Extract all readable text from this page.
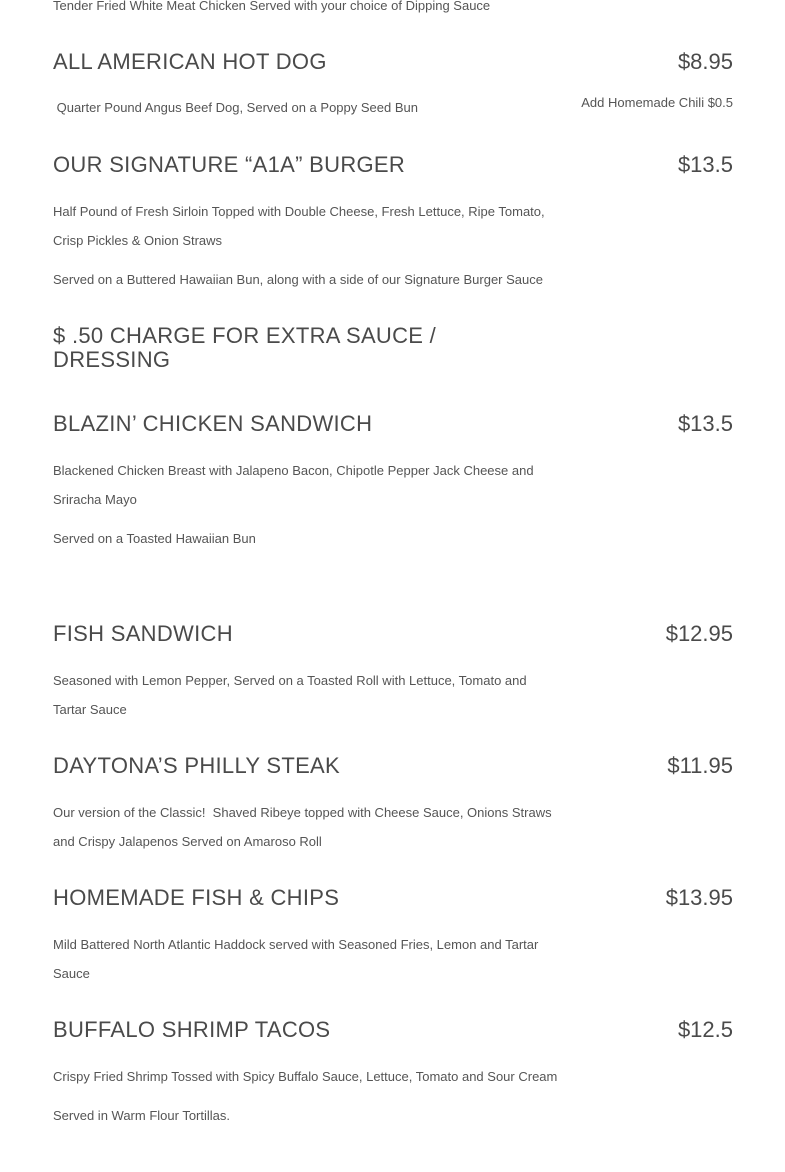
Tender Fried White Meat Chicken Served with your choice of Dipping Sauce
ALL AMERICAN HOT DOG	$8.95
Quarter Pound Angus Beef Dog, Served on a Poppy Seed Bun	Add Homemade Chili $0.5
OUR SIGNATURE “A1A” BURGER	$13.5
Half Pound of Fresh Sirloin Topped with Double Cheese, Fresh Lettuce, Ripe Tomato, Crisp Pickles & Onion Straws
Served on a Buttered Hawaiian Bun, along with a side of our Signature Burger Sauce
$ .50 CHARGE FOR EXTRA SAUCE / DRESSING
BLAZIN’ CHICKEN SANDWICH	$13.5
Blackened Chicken Breast with Jalapeno Bacon, Chipotle Pepper Jack Cheese and Sriracha Mayo
Served on a Toasted Hawaiian Bun
FISH SANDWICH	$12.95
Seasoned with Lemon Pepper, Served on a Toasted Roll with Lettuce, Tomato and Tartar Sauce
DAYTONA’S PHILLY STEAK	$11.95
Our version of the Classic!  Shaved Ribeye topped with Cheese Sauce, Onions Straws and Crispy Jalapenos Served on Amaroso Roll
HOMEMADE FISH & CHIPS	$13.95
Mild Battered North Atlantic Haddock served with Seasoned Fries, Lemon and Tartar Sauce
BUFFALO SHRIMP TACOS	$12.5
Crispy Fried Shrimp Tossed with Spicy Buffalo Sauce, Lettuce, Tomato and Sour Cream
Served in Warm Flour Tortillas.
